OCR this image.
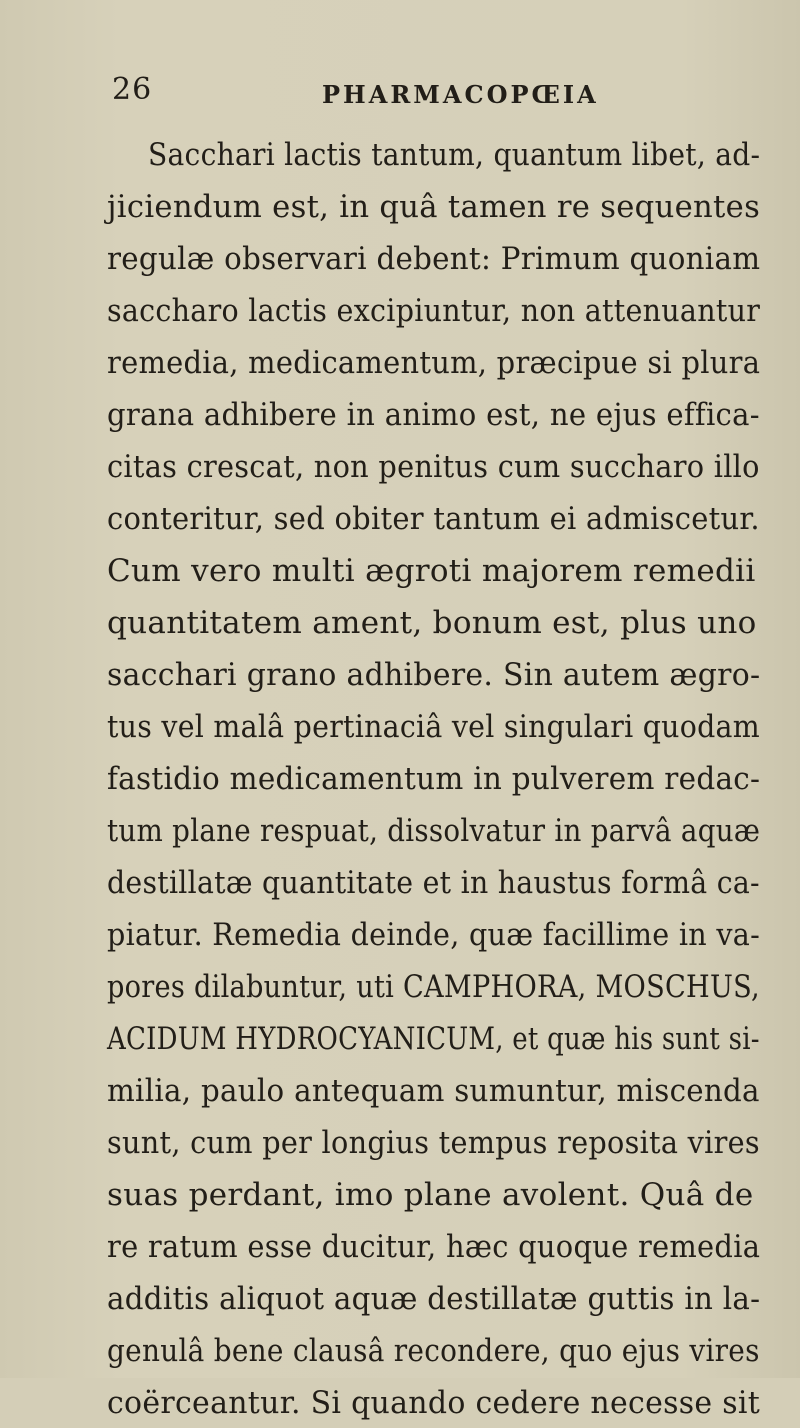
26	PHARMACOPŒIA
Sacchari lactis tantum, quantum libet, ad-
jiciendum est, in quâ tamen re sequentes
regulæ observari debent: Primum quoniam
saccharo lactis excipiuntur, non attenuantur
remedia, medicamentum, præcipue si plura
grana adhibere in animo est, ne ejus effica-
citas crescat, non penitus cum succharo illo
conteritur, sed obiter tantum ei admiscetur.
Cum vero multi ægroti majorem remedii
quantitatem ament, bonum est, plus uno
sacchari grano adhibere. Sin autem ægro-
tus vel malâ pertinaciâ vel singulari quodam
fastidio medicamentum in pulverem redac-
tum plane respuat, dissolvatur in parvâ aquæ
destillatæ quantitate et in haustus formâ ca-
piatur. Remedia deinde, quæ facillime in va-
pores dilabuntur, uti CAMPHORA, MOSCHUS,
ACIDUM HYDROCYANICUM, et quæ his sunt si-
milia, paulo antequam sumuntur, miscenda
sunt, cum per longius tempus reposita vires
suas perdant, imo plane avolent. Quâ de
re ratum esse ducitur, hæc quoque remedia
additis aliquot aquæ destillatæ guttis in la-
genulâ bene clausâ recondere, quo ejus vires
coërceantur. Si quando cedere necesse sit
